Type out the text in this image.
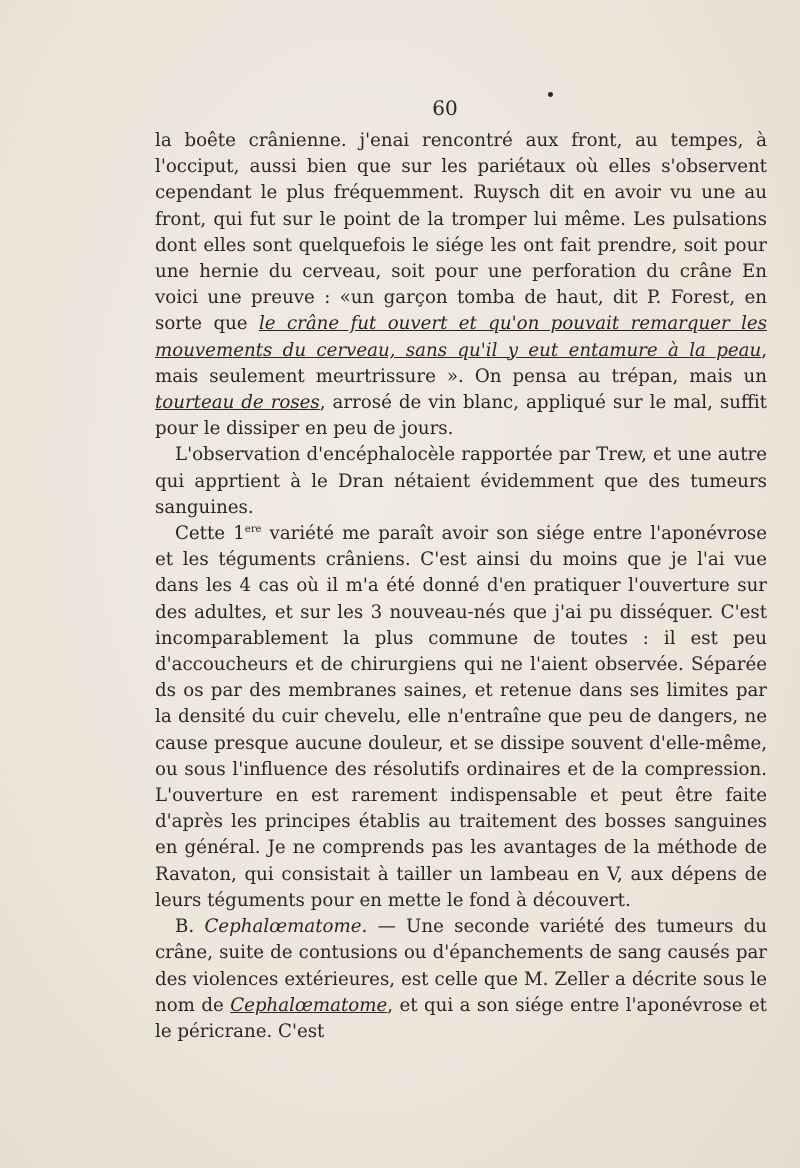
60

la boête crânienne. j'enai rencontré aux front, au tempes, à l'occiput, aussi bien que sur les pariétaux où elles s'observent cependant le plus fréquemment. Ruysch dit en avoir vu une au front, qui fut sur le point de la tromper lui même. Les pulsations dont elles sont quelquefois le siége les ont fait prendre, soit pour une hernie du cerveau, soit pour une perforation du crâne En voici une preuve : «un garçon tomba de haut, dit P. Forest, en sorte que le crâne fut ouvert et qu'on pouvait remarquer les mouvements du cerveau, sans qu'il y eut entamure à la peau, mais seulement meurtrissure ». On pensa au trépan, mais un tourteau de roses, arrosé de vin blanc, appliqué sur le mal, suffit pour le dissiper en peu de jours.

L'observation d'encéphalocèle rapportée par Trew, et une autre qui apprtient à le Dran nétaient évidemment que des tumeurs sanguines.

Cette 1ere variété me paraît avoir son siége entre l'aponévrose et les téguments crâniens. C'est ainsi du moins que je l'ai vue dans les 4 cas où il m'a été donné d'en pratiquer l'ouverture sur des adultes, et sur les 3 nouveau-nés que j'ai pu disséquer. C'est incomparablement la plus commune de toutes : il est peu d'accoucheurs et de chirurgiens qui ne l'aient observée. Séparée ds os par des membranes saines, et retenue dans ses limites par la densité du cuir chevelu, elle n'entraîne que peu de dangers, ne cause presque aucune douleur, et se dissipe souvent d'elle-même, ou sous l'influence des résolutifs ordinaires et de la compression. L'ouverture en est rarement indispensable et peut être faite d'après les principes établis au traitement des bosses sanguines en général. Je ne comprends pas les avantages de la méthode de Ravaton, qui consistait à tailler un lambeau en V, aux dépens de leurs téguments pour en mette le fond à découvert.

B. Cephalœmatome. — Une seconde variété des tumeurs du crâne, suite de contusions ou d'épanchements de sang causés par des violences extérieures, est celle que M. Zeller a décrite sous le nom de Cephalœmatome, et qui a son siége entre l'aponévrose et le péricrane. C'est
